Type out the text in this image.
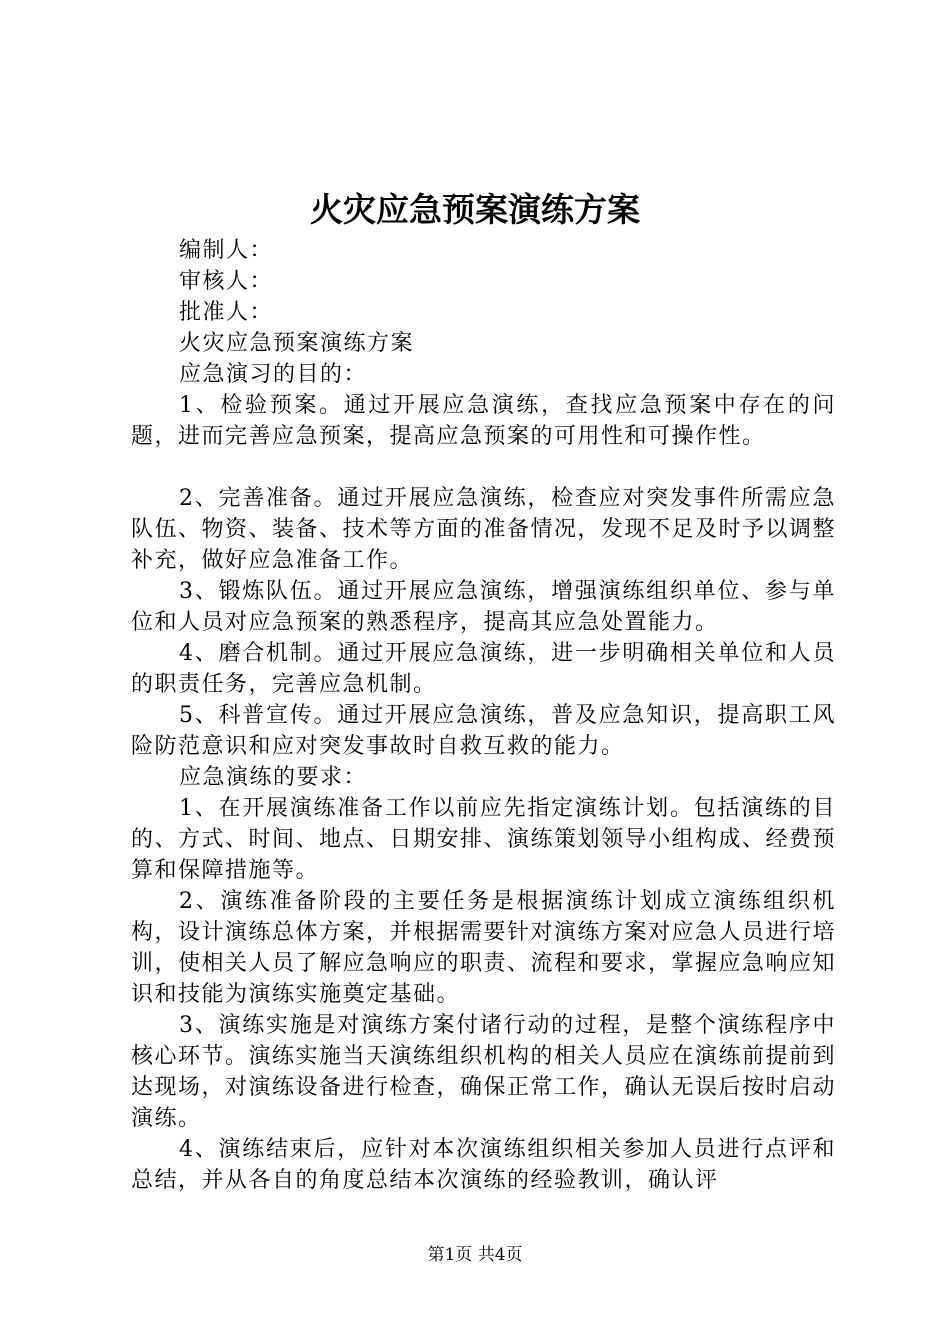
火灾应急预案演练方案

编制人：

审核人：

批准人：

火灾应急预案演练方案

应急演习的目的：

1、检验预案。通过开展应急演练，查找应急预案中存在的问题，进而完善应急预案，提高应急预案的可用性和可操作性。

2、完善准备。通过开展应急演练，检查应对突发事件所需应急队伍、物资、装备、技术等方面的准备情况，发现不足及时予以调整补充，做好应急准备工作。

3、锻炼队伍。通过开展应急演练，增强演练组织单位、参与单位和人员对应急预案的熟悉程序，提高其应急处置能力。

4、磨合机制。通过开展应急演练，进一步明确相关单位和人员的职责任务，完善应急机制。

5、科普宣传。通过开展应急演练，普及应急知识，提高职工风险防范意识和应对突发事故时自救互救的能力。

应急演练的要求：

1、在开展演练准备工作以前应先指定演练计划。包括演练的目的、方式、时间、地点、日期安排、演练策划领导小组构成、经费预算和保障措施等。

2、演练准备阶段的主要任务是根据演练计划成立演练组织机构，设计演练总体方案，并根据需要针对演练方案对应急人员进行培训，使相关人员了解应急响应的职责、流程和要求，掌握应急响应知识和技能为演练实施奠定基础。

3、演练实施是对演练方案付诸行动的过程，是整个演练程序中核心环节。演练实施当天演练组织机构的相关人员应在演练前提前到达现场，对演练设备进行检查，确保正常工作，确认无误后按时启动演练。

4、演练结束后，应针对本次演练组织相关参加人员进行点评和总结，并从各自的角度总结本次演练的经验教训，确认评

第1页 共4页
